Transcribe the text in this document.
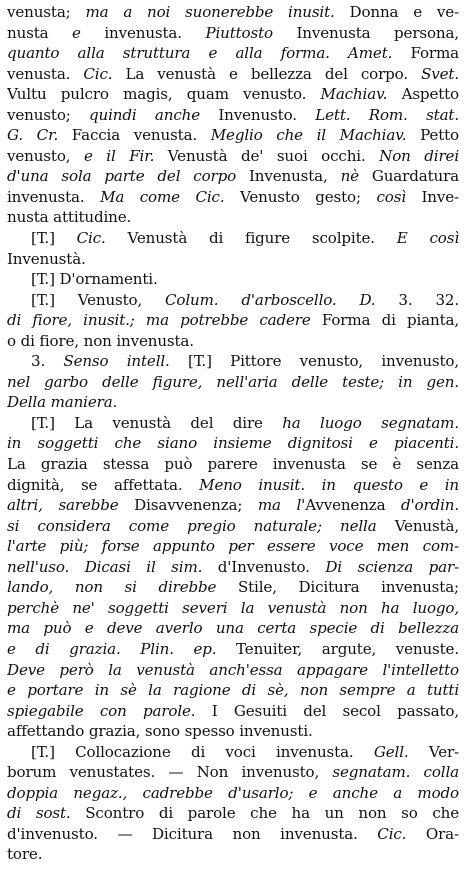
venusta; ma a noi suonerebbe inusit. Donna e ve-
nusta e invenusta. Piuttosto Invenusta persona,
quanto alla struttura e alla forma. Amet. Forma
venusta. Cic. La venustà e bellezza del corpo. Svet.
Vultu pulcro magis, quam venusto. Machiav. Aspetto
venusto; quindi anche Invenusto. Lett. Rom. stat.
G. Cr. Faccia venusta. Meglio che il Machiav. Petto
venusto, e il Fir. Venustà de' suoi occhi. Non direi
d'una sola parte del corpo Invenusta, nè Guardatura
invenusta. Ma come Cic. Venusto gesto; così Inve-
nusta attitudine.
[T.] Cic. Venustà di figure scolpite. E così
Invenustà.
[T.] D'ornamenti.
[T.] Venusto, Colum. d'arboscello. D. 3. 32.
di fiore, inusit.; ma potrebbe cadere Forma di pianta,
o di fiore, non invenusta.
3. Senso intell. [T.] Pittore venusto, invenusto,
nel garbo delle figure, nell'aria delle teste; in gen.
Della maniera.
[T.] La venustà del dire ha luogo segnatam.
in soggetti che siano insieme dignitosi e piacenti.
La grazia stessa può parere invenusta se è senza
dignità, se affettata. Meno inusit. in questo e in
altri, sarebbe Disavvenenza; ma l'Avvenenza d'ordin.
si considera come pregio naturale; nella Venustà,
l'arte più; forse appunto per essere voce men com-
nell'uso. Dicasi il sim. d'Invenusto. Di scienza par-
lando, non si direbbe Stile, Dicitura invenusta;
perchè ne' soggetti severi la venustà non ha luogo,
ma può e deve averlo una certa specie di bellezza
e di grazia. Plin. ep. Tenuiter, argute, venuste.
Deve però la venustà anch'essa appagare l'intelletto
e portare in sè la ragione di sè, non sempre a tutti
spiegabile con parole. I Gesuiti del secol passato,
affettando grazia, sono spesso invenusti.
[T.] Collocazione di voci invenusta. Gell. Ver-
borum venustates. — Non invenusto, segnatam. colla
doppia negaz., cadrebbe d'usarlo; e anche a modo
di sost. Scontro di parole che ha un non so che
d'invenusto. — Dicitura non invenusta. Cic. Ora-
tore.
